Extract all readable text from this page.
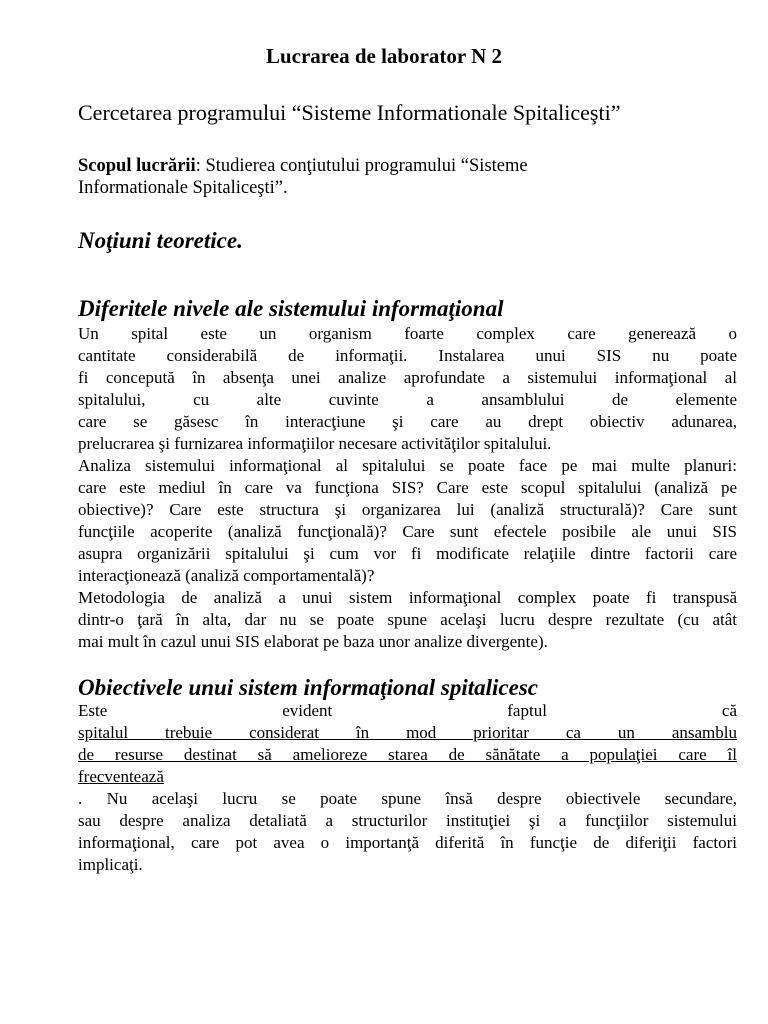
Lucrarea de laborator N 2
Cercetarea programului “Sisteme Informationale Spitaliceşti”
Scopul lucrării: Studierea conţiutului programului “Sisteme
Informationale Spitaliceşti”.
Noţiuni teoretice.
Diferitele nivele ale sistemului informaţional
Un spital este un organism foarte complex care generează o
cantitate considerabilă de informaţii. Instalarea unui SIS nu poate
fi concepută în absenţa unei analize aprofundate a sistemului informaţional al
spitalului, cu alte cuvinte a ansamblului de elemente
care se găsesc în interacţiune şi care au drept obiectiv adunarea,
prelucrarea şi furnizarea informaţiilor necesare activităţilor spitalului.
Analiza sistemului informaţional al spitalului se poate face pe mai multe planuri:
care este mediul în care va funcţiona SIS? Care este scopul spitalului (analiză pe
obiective)? Care este structura şi organizarea lui (analiză structurală)? Care sunt
funcţiile acoperite (analiză funcţională)? Care sunt efectele posibile ale unui SIS
asupra organizării spitalului şi cum vor fi modificate relaţiile dintre factorii care
interacţionează (analiză comportamentală)?
Metodologia de analiză a unui sistem informaţional complex poate fi transpusă
dintr-o ţară în alta, dar nu se poate spune acelaşi lucru despre rezultate (cu atât
mai mult în cazul unui SIS elaborat pe baza unor analize divergente).
Obiectivele unui sistem informaţional spitalicesc
Este evident faptul că
spitalul trebuie considerat în mod prioritar ca un ansamblu
de resurse destinat să amelioreze starea de sănătate a populaţiei care îl
frecventează
. Nu acelaşi lucru se poate spune însă despre obiectivele secundare,
sau despre analiza detaliată a structurilor instituţiei şi a funcţiilor sistemului
informaţional, care pot avea o importanţă diferită în funcţie de diferiţii factori
implicaţi.
